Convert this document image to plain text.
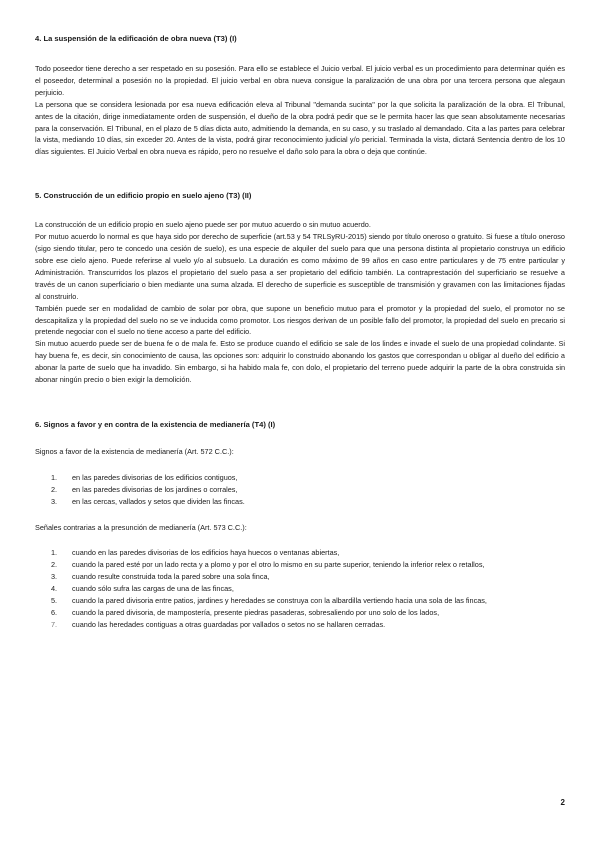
4. La suspensión de la edificación de obra nueva (T3) (I)

Todo poseedor tiene derecho a ser respetado en su posesión. Para ello se establece el Juicio verbal. El juicio verbal es un procedimiento para determinar quién es el poseedor, determinal a posesión no la propiedad. El juicio verbal en obra nueva consigue la paralización de una obra por una tercera persona que alegaun perjuicio.

La persona que se considera lesionada por esa nueva edificación eleva al Tribunal "demanda sucinta" por la que solicita la paralización de la obra. El Tribunal, antes de la citación, dirige inmediatamente orden de suspensión, el dueño de la obra podrá pedir que se le permita hacer las que sean absolutamente necesarias para la conservación. El Tribunal, en el plazo de 5 días dicta auto, admitiendo la demanda, en su caso, y su traslado al demandado. Cita a las partes para celebrar la vista, mediando 10 días, sin exceder 20. Antes de la vista, podrá girar reconocimiento judicial y/o pericial. Terminada la vista, dictará Sentencia dentro de los 10 días siguientes. El Juicio Verbal en obra nueva es rápido, pero no resuelve el daño solo para la obra o deja que continúe.

5. Construcción de un edificio propio en suelo ajeno (T3) (II)

La construcción de un edificio propio en suelo ajeno puede ser por mutuo acuerdo o sin mutuo acuerdo.

Por mutuo acuerdo lo normal es que haya sido por derecho de superficie (art.53 y 54 TRLSyRU-2015) siendo por título oneroso o gratuito. Si fuese a título oneroso (sigo siendo titular, pero te concedo una cesión de suelo), es una especie de alquiler del suelo para que una persona distinta al propietario construya un edificio sobre ese cielo ajeno. Puede referirse al vuelo y/o al subsuelo. La duración es como máximo de 99 años en caso entre particulares y de 75 entre particular y Administración. Transcurridos los plazos el propietario del suelo pasa a ser propietario del edificio también. La contraprestación del superficiario se resuelve a través de un canon superficiario o bien mediante una suma alzada. El derecho de superficie es susceptible de transmisión y gravamen con las limitaciones fijadas al construirlo.

También puede ser en modalidad de cambio de solar por obra, que supone un beneficio mutuo para el promotor y la propiedad del suelo, el promotor no se descapitaliza y la propiedad del suelo no se ve inducida como promotor. Los riesgos derivan de un posible fallo del promotor, la propiedad del suelo en precario si pretende negociar con el suelo no tiene acceso a parte del edificio.

Sin mutuo acuerdo puede ser de buena fe o de mala fe. Esto se produce cuando el edificio se sale de los lindes e invade el suelo de una propiedad colindante. Si hay buena fe, es decir, sin conocimiento de causa, las opciones son: adquirir lo construido abonando los gastos que correspondan u obligar al dueño del edificio a abonar la parte de suelo que ha invadido. Sin embargo, si ha habido mala fe, con dolo, el propietario del terreno puede adquirir la parte de la obra construida sin abonar ningún precio o bien exigir la demolición.

6. Signos a favor y en contra de la existencia de medianería (T4) (I)
Signos a favor de la existencia de medianería (Art. 572 C.C.):
1. en las paredes divisorias de los edificios contiguos,
2. en las paredes divisorias de los jardines o corrales,
3. en las cercas, vallados y setos que dividen las fincas.
Señales contrarias a la presunción de medianería (Art. 573 C.C.):
1. cuando en las paredes divisorias de los edificios haya huecos o ventanas abiertas,
2. cuando la pared esté por un lado recta y a plomo y por el otro lo mismo en su parte superior, teniendo la inferior relex o retallos,
3. cuando resulte construida toda la pared sobre una sola finca,
4. cuando sólo sufra las cargas de una de las fincas,
5. cuando la pared divisoria entre patios, jardines y heredades se construya con la albardilla vertiendo hacia una sola de las fincas,
6. cuando la pared divisoria, de mampostería, presente piedras pasaderas, sobresaliendo por uno solo de los lados,
7. cuando las heredades contiguas a otras guardadas por vallados o setos no se hallaren cerradas.
2
